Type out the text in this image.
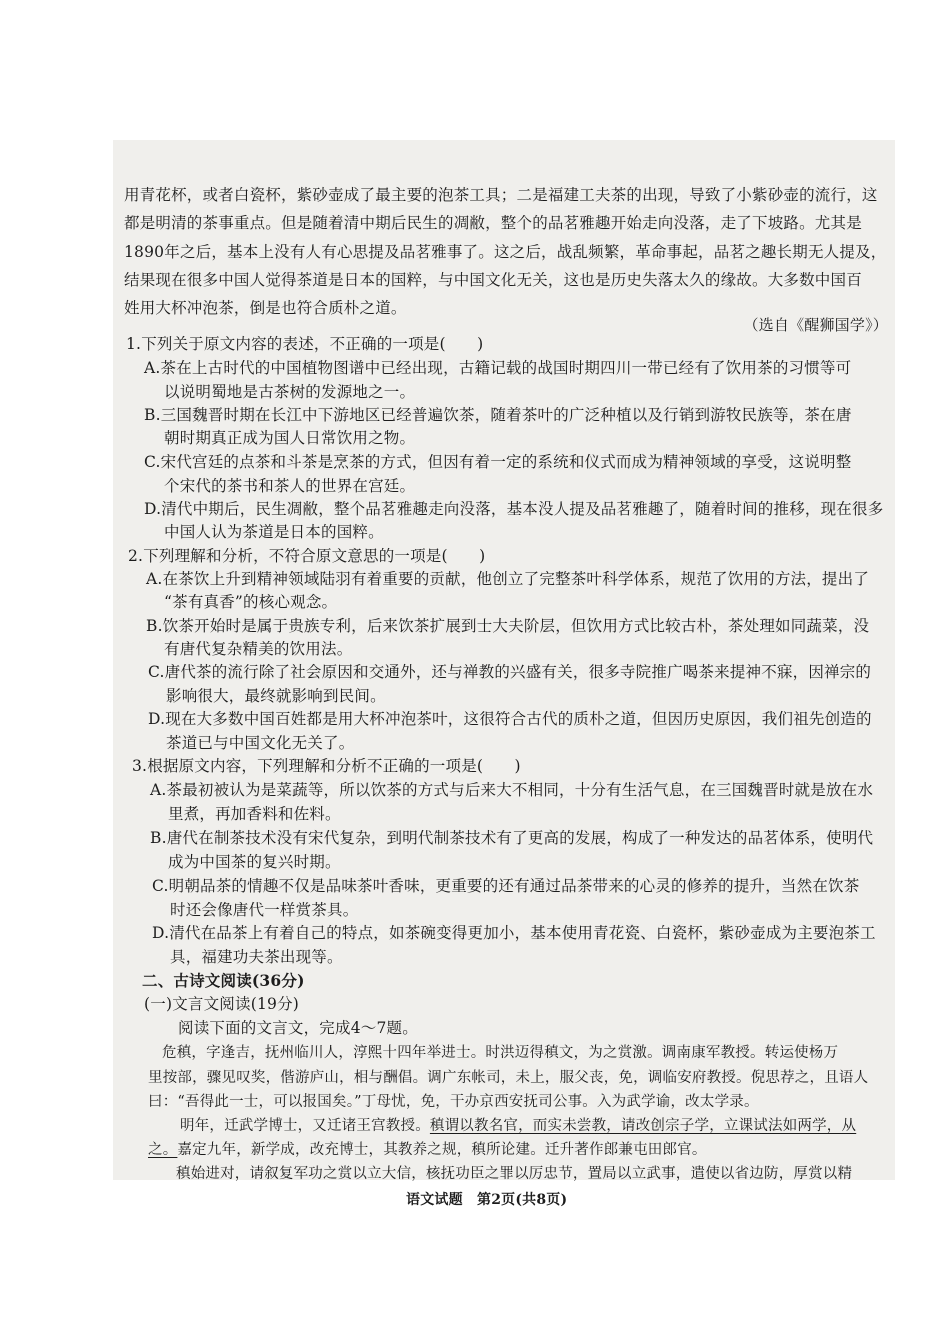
用青花杯，或者白瓷杯，紫砂壶成了最主要的泡茶工具；二是福建工夫茶的出现，导致了小紫砂壶的流行，这
都是明清的茶事重点。但是随着清中期后民生的凋敝，整个的品茗雅趣开始走向没落，走了下坡路。尤其是
1890年之后，基本上没有人有心思提及品茗雅事了。这之后，战乱频繁，革命事起，品茗之趣长期无人提及，
结果现在很多中国人觉得茶道是日本的国粹，与中国文化无关，这也是历史失落太久的缘故。大多数中国百
姓用大杯冲泡茶，倒是也符合质朴之道。
（选自《醒狮国学》）
1.下列关于原文内容的表述，不正确的一项是(　　)
A.茶在上古时代的中国植物图谱中已经出现，古籍记载的战国时期四川一带已经有了饮用茶的习惯等可
以说明蜀地是古茶树的发源地之一。
B.三国魏晋时期在长江中下游地区已经普遍饮茶，随着茶叶的广泛种植以及行销到游牧民族等，茶在唐
朝时期真正成为国人日常饮用之物。
C.宋代宫廷的点茶和斗茶是烹茶的方式，但因有着一定的系统和仪式而成为精神领域的享受，这说明整
个宋代的茶书和茶人的世界在宫廷。
D.清代中期后，民生凋敝，整个品茗雅趣走向没落，基本没人提及品茗雅趣了，随着时间的推移，现在很多
中国人认为茶道是日本的国粹。
2.下列理解和分析，不符合原文意思的一项是(　　)
A.在茶饮上升到精神领域陆羽有着重要的贡献，他创立了完整茶叶科学体系，规范了饮用的方法，提出了
“茶有真香”的核心观念。
B.饮茶开始时是属于贵族专利，后来饮茶扩展到士大夫阶层，但饮用方式比较古朴，茶处理如同蔬菜，没
有唐代复杂精美的饮用法。
C.唐代茶的流行除了社会原因和交通外，还与禅教的兴盛有关，很多寺院推广喝茶来提神不寐，因禅宗的
影响很大，最终就影响到民间。
D.现在大多数中国百姓都是用大杯冲泡茶叶，这很符合古代的质朴之道，但因历史原因，我们祖先创造的
茶道已与中国文化无关了。
3.根据原文内容，下列理解和分析不正确的一项是(　　)
A.茶最初被认为是菜蔬等，所以饮茶的方式与后来大不相同，十分有生活气息，在三国魏晋时就是放在水
里煮，再加香料和佐料。
B.唐代在制茶技术没有宋代复杂，到明代制茶技术有了更高的发展，构成了一种发达的品茗体系，使明代
成为中国茶的复兴时期。
C.明朝品茶的情趣不仅是品味茶叶香味，更重要的还有通过品茶带来的心灵的修养的提升，当然在饮茶
时还会像唐代一样赏茶具。
D.清代在品茶上有着自己的特点，如茶碗变得更加小，基本使用青花瓷、白瓷杯，紫砂壶成为主要泡茶工
具，福建功夫茶出现等。
二、古诗文阅读(36分)
(一)文言文阅读(19分)
阅读下面的文言文，完成4～7题。
危稹，字逢吉，抚州临川人，淳熙十四年举进士。时洪迈得稹文，为之赏激。调南康军教授。转运使杨万
里按部，骤见叹奖，偕游庐山，相与酬倡。调广东帐司，未上，服父丧，免，调临安府教授。倪思荐之，且语人
曰：“吾得此一士，可以报国矣。”丁母忧，免，干办京西安抚司公事。入为武学谕，改太学录。
明年，迁武学博士，又迁诸王宫教授。稹谓以教名官，而实未尝教，请改创宗子学，立课试法如两学，从
之。嘉定九年，新学成，改充博士，其教养之规，稹所论建。迁升著作郎兼屯田郎官。
稹始进对，请叙复军功之赏以立大信，核抚功臣之罪以厉忠节，置局以立武事，遣使以省边防，厚赏以精
语文试题　第2页(共8页)
